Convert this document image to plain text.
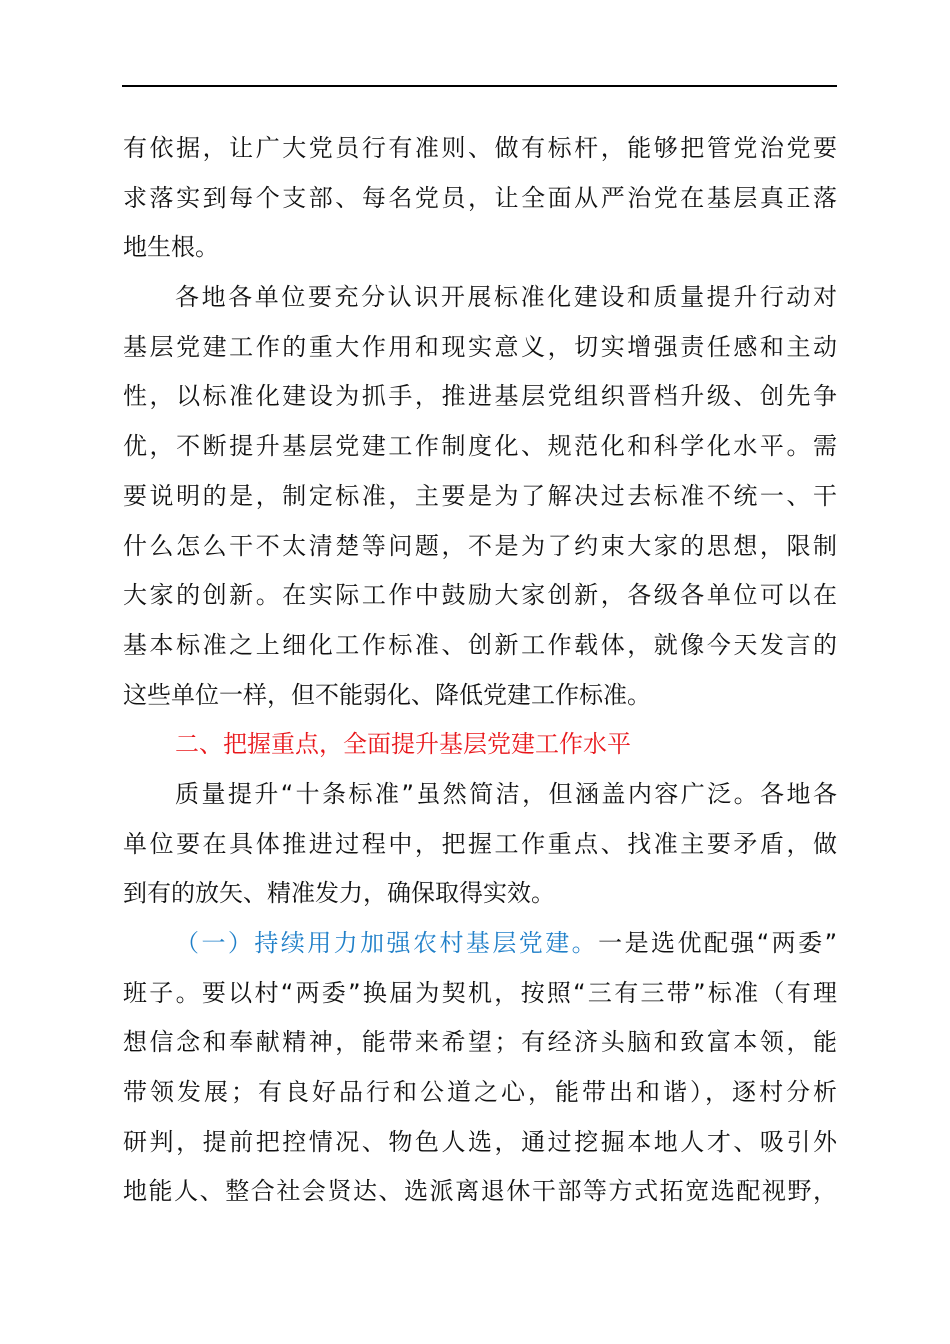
有依据，让广大党员行有准则、做有标杆，能够把管党治党要
求落实到每个支部、每名党员，让全面从严治党在基层真正落
地生根。
各地各单位要充分认识开展标准化建设和质量提升行动对
基层党建工作的重大作用和现实意义，切实增强责任感和主动
性，以标准化建设为抓手，推进基层党组织晋档升级、创先争
优，不断提升基层党建工作制度化、规范化和科学化水平。需
要说明的是，制定标准，主要是为了解决过去标准不统一、干
什么怎么干不太清楚等问题，不是为了约束大家的思想，限制
大家的创新。在实际工作中鼓励大家创新，各级各单位可以在
基本标准之上细化工作标准、创新工作载体，就像今天发言的
这些单位一样，但不能弱化、降低党建工作标准。
二、把握重点，全面提升基层党建工作水平
质量提升“十条标准”虽然简洁，但涵盖内容广泛。各地各
单位要在具体推进过程中，把握工作重点、找准主要矛盾，做
到有的放矢、精准发力，确保取得实效。
（一）持续用力加强农村基层党建。一是选优配强“两委”
班子。要以村“两委”换届为契机，按照“三有三带”标准（有理
想信念和奉献精神，能带来希望；有经济头脑和致富本领，能
带领发展；有良好品行和公道之心，能带出和谐），逐村分析
研判，提前把控情况、物色人选，通过挖掘本地人才、吸引外
地能人、整合社会贤达、选派离退休干部等方式拓宽选配视野，
